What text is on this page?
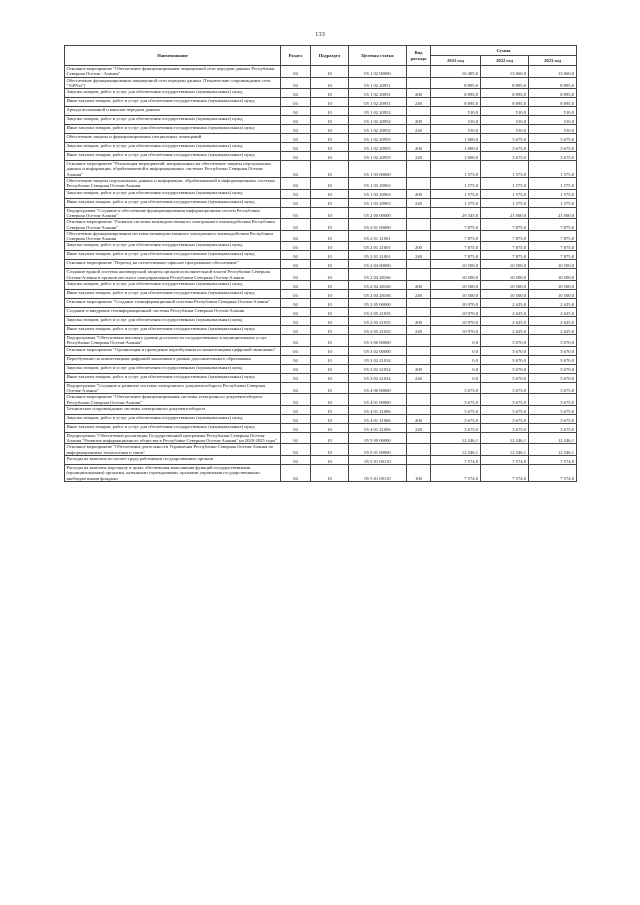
133
Наименование	Раздел	Подраздел	Целевая статья	Вид расхода	Сумма		
					2021 год	2022 год	2023 год
Основное мероприятие "Обеспечение функционирования защищенной сети передачи данных Республики Северная Осетия - Алания"	04	10	05 1 02 00000		10 405,0	13 060,0	13 060,0
Обеспечение функционирования защищенной сети передачи данных (Технические сопровождение сети "ViPNet")	04	10	05 1 02 20951		8 895,0	8 895,0	8 895,0
Закупка товаров, работ и услуг для обеспечения государственных (муниципальных) нужд	04	10	05 1 02 20951	200	8 895,0	8 895,0	8 895,0
Иные закупки товаров, работ и услуг для обеспечения государственных (муниципальных) нужд	04	10	05 1 02 20951	240	8 895,0	8 895,0	8 895,0
Аренда волоконной и каналов передачи данных	04	10	05 1 02 20952		510,0	510,0	510,0
Закупка товаров, работ и услуг для обеспечения государственных (муниципальных) нужд	04	10	05 1 02 20952	200	510,0	510,0	510,0
Иные закупки товаров, работ и услуг для обеспечения государственных (муниципальных) нужд	04	10	05 1 02 20952	240	510,0	510,0	510,0
Обеспечение защиты и функционирования специальных помещений	04	10	05 1 02 20955		1 000,0	3 675,0	3 675,0
Закупка товаров, работ и услуг для обеспечения государственных (муниципальных) нужд	04	10	05 1 02 20955	200	1 000,0	3 675,0	3 675,0
Иные закупки товаров, работ и услуг для обеспечения государственных (муниципальных) нужд	04	10	05 1 02 20955	240	1 000,0	3 675,0	3 675,0
Основное мероприятие "Реализация мероприятий, направленных на обеспечение защиты персональных данных и информации, обрабатываемой в информационных системах Республики Северная Осетия-Алания"	04	10	05 1 03 00000		1 575,0	1 575,0	1 575,0
Обеспечение защиты персональных данных и информации, обрабатываемой в информационных системах Республики Северная Осетия-Алания	04	10	05 1 03 20963		1 575,0	1 575,0	1 575,0
Закупка товаров, работ и услуг для обеспечения государственных (муниципальных) нужд	04	10	05 1 03 20963	200	1 575,0	1 575,0	1 575,0
Иные закупки товаров, работ и услуг для обеспечения государственных (муниципальных) нужд	04	10	05 1 03 20963	240	1 575,0	1 575,0	1 575,0
Подпрограмма "Создание и обеспечение функционирования информационных систем Республики Северная Осетия-Алания"	04	10	05 2 00 00000		29 345,0	21 000,0	21 000,0
Основное мероприятие "Развитие системы межведомственного электронного взаимодействия Республики Северная Осетия-Алания"	04	10	05 2 01 00000		7 875,0	7 875,0	7 875,0
Обеспечение функционирования системы межведомственного электронного взаимодействия Республики Северная Осетия-Алания	04	10	05 2 01 21001		7 875,0	7 875,0	7 875,0
Закупка товаров, работ и услуг для обеспечения государственных (муниципальных) нужд	04	10	05 2 01 21001	200	7 875,0	7 875,0	7 875,0
Иные закупки товаров, работ и услуг для обеспечения государственных (муниципальных) нужд	04	10	05 2 01 21001	240	7 875,0	7 875,0	7 875,0
Основное мероприятие "Переход на отечественное офисное программное обеспечение"	04	10	05 2 04 00000		10 500,0	10 500,0	10 500,0
Создание единой системы антивирусной защиты органов исполнительной власти Республики Северная Осетия-Алания и органов местного самоуправления Республики Северная Осетия-Алания	04	10	05 2 04 28166		10 500,0	10 500,0	10 500,0
Закупка товаров, работ и услуг для обеспечения государственных (муниципальных) нужд	04	10	05 2 04 28166	200	10 500,0	10 500,0	10 500,0
Иные закупки товаров, работ и услуг для обеспечения государственных (муниципальных) нужд	04	10	05 2 04 28166	240	10 500,0	10 500,0	10 500,0
Основное мероприятие "Создание геоинформационной системы Республики Северная Осетия-Алания"	04	10	05 2 05 00000		10 970,0	2 625,0	2 625,0
Создание и внедрение геоинформационной системы Республики Северная Осетия-Алания	04	10	05 2 05 21035		10 970,0	2 625,0	2 625,0
Закупка товаров, работ и услуг для обеспечения государственных (муниципальных) нужд	04	10	05 2 05 21035	200	10 970,0	2 625,0	2 625,0
Иные закупки товаров, работ и услуг для обеспечения государственных (муниципальных) нужд	04	10	05 2 05 21035	240	10 970,0	2 625,0	2 625,0
Подпрограмма "Обеспечение высокого уровня доступности государственных и муниципальных услуг Республики Северная Осетия-Алания"	04	10	05 3 00 00000		0,0	5 670,0	5 670,0
Основное мероприятие "Организация и проведение переобучения по компетенциям цифровой экономики"	04	10	05 3 02 00000		0,0	5 670,0	5 670,0
Переобучение по компетенциям цифровой экономики в рамках дополнительного образования	04	10	05 3 02 21034		0,0	5 670,0	5 670,0
Закупка товаров, работ и услуг для обеспечения государственных (муниципальных) нужд	04	10	05 3 02 21034	200	0,0	5 670,0	5 670,0
Иные закупки товаров, работ и услуг для обеспечения государственных (муниципальных) нужд	04	10	05 3 02 21034	240	0,0	5 670,0	5 670,0
Подпрограмма "Создание и развитие системы электронного документооборота Республики Северная Осетия-Алания"	04	10	05 4 00 00000		3 675,0	3 675,0	3 675,0
Основное мероприятие "Обеспечение функционирования системы электронного документооборота Республики Северная Осетия-Алания"	04	10	05 4 01 00000		3 675,0	3 675,0	3 675,0
Техническое сопровождение системы электронного документооборота	04	10	05 4 01 21006		3 675,0	3 675,0	3 675,0
Закупка товаров, работ и услуг для обеспечения государственных (муниципальных) нужд	04	10	05 4 01 21006	200	3 675,0	3 675,0	3 675,0
Иные закупки товаров, работ и услуг для обеспечения государственных (муниципальных) нужд	04	10	05 4 01 21006	240	3 675,0	3 675,0	3 675,0
Подпрограмма "Обеспечение реализации Государственной программы Республики Северная Осетия-Алания "Развитие информационного общества в Республике Северная Осетия-Алания" на 2020-2025 годы"	04	10	05 5 00 00000		12 246,1	12 246,1	12 246,1
Основное мероприятие "Обеспечение деятельности Управления Республики Северная Осетия-Алания по информационным технологиям и связи"	04	10	05 5 01 00000		12 246,1	12 246,1	12 246,1
Расходы на выплаты по оплате труда работников государственных органов	04	10	05 5 01 00110		7 574,0	7 574,0	7 574,0
Расходы на выплаты персоналу в целях обеспечения выполнения функций государственными (муниципальными) органами, казенными учреждениями, органами управления государственными внебюджетными фондами	04	10	05 5 01 00110	100	7 574,0	7 574,0	7 574,0
